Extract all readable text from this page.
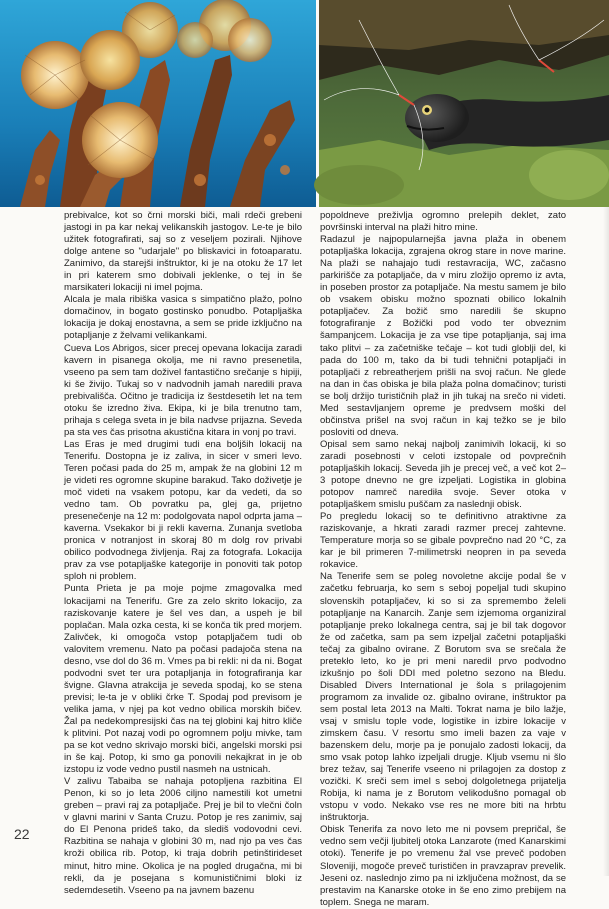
prebivalce, kot so črni morski biči, mali rdeči grebeni jastogi in pa kar nekaj velikanskih jastogov. Le-te je bilo užitek fotografirati, saj so z veseljem pozirali. Njihove dolge antene so "udarjale" po bliskavici in fotoaparatu. Zanimivo, da starejši inštruktor, ki je na otoku že 17 let in pri katerem smo dobivali jeklenke, o tej in še marsikateri lokaciji ni imel pojma.

Alcala je mala ribiška vasica s simpatično plažo, polno domačinov, in bogato gostinsko ponudbo. Potapljaška lokacija je dokaj enostavna, a sem se pride izključno na potapljanje z želvami velikankami.

Cueva Los Abrigos, sicer precej opevana lokacija zaradi kavern in pisanega okolja, me ni ravno presenetila, vseeno pa sem tam doživel fantastično srečanje s hipiji, ki še živijo. Tukaj so v nadvodnih jamah naredili prava prebivališča. Očitno je tradicija iz šestdesetih let na tem otoku še izredno živa. Ekipa, ki je bila trenutno tam, prihaja s celega sveta in je bila nadvse prijazna. Seveda pa sta ves čas prisotna akustična kitara in vonj po travi.

Las Eras je med drugimi tudi ena boljših lokacij na Tenerifu. Dostopna je iz zaliva, in sicer v smeri levo. Teren počasi pada do 25 m, ampak že na globini 12 m je videti res ogromne skupine barakud. Tako doživetje je moč videti na vsakem potopu, kar da vedeti, da so vedno tam. Ob povratku pa, glej ga, prijetno presenečenje na 12 m: podolgovata napol odprta jama – kaverna. Vsekakor bi ji rekli kaverna. Zunanja svetloba pronica v notranjost in skoraj 80 m dolg rov privabi obilico podvodnega življenja. Raj za fotografa. Lokacija prav za vse potapljaške kategorije in ponoviti tak potop sploh ni problem.

Punta Prieta je pa moje pojme zmagovalka med lokacijami na Tenerifu. Gre za zelo skrito lokacijo, za raziskovanje katere je šel ves dan, a uspeh je bil poplačan. Mala ozka cesta, ki se konča tik pred morjem. Zalivček, ki omogoča vstop potapljačem tudi ob valovitem vremenu. Nato pa počasi padajoča stena na desno, vse dol do 36 m. Vmes pa bi rekli: ni da ni. Bogat podvodni svet ter ura potapljanja in fotografiranja kar švigne. Glavna atrakcija je seveda spodaj, ko se stena previsi; le-ta je v obliki črke T. Spodaj pod previsom je velika jama, v njej pa kot vedno obilica morskih bičev. Žal pa nedekompresijski čas na tej globini kaj hitro kliče k plitvini. Pot nazaj vodi po ogromnem polju mivke, tam pa se kot vedno skrivajo morski biči, angelski morski psi in še kaj. Potop, ki smo ga ponovili nekajkrat in je ob izstopu iz vode vedno pustil nasmeh na ustnicah.

V zalivu Tabaiba se nahaja potopljena razbitina El Penon, ki so jo leta 2006 ciljno namestili kot umetni greben – pravi raj za potapljače. Prej je bil to vlečni čoln v glavni marini v Santa Cruzu. Potop je res zanimiv, saj do El Penona prideš tako, da slediš vodovodni cevi. Razbitina se nahaja v globini 30 m, nad njo pa ves čas kroži obilica rib. Potop, ki traja dobrih petinštirideset minut, hitro mine. Okolica je na pogled drugačna, mi bi rekli, da je posejana s komunističnimi bloki iz sedemdesetih. Vseeno pa na javnem bazenu

popoldneve preživlja ogromno prelepih deklet, zato površinski interval na plaži hitro mine.

Radazul je najpopularnejša javna plaža in obenem potapljaška lokacija, zgrajena okrog stare in nove marine. Na plaži se nahajajo tudi restavracija, WC, začasno parkirišče za potapljače, da v miru zložijo opremo iz avta, in poseben prostor za potapljače. Na mestu samem je bilo ob vsakem obisku možno spoznati obilico lokalnih potapljačev. Za božič smo naredili še skupno fotografiranje z Božički pod vodo ter obveznim šampanjcem. Lokacija je za vse tipe potapljanja, saj ima tako plitvi – za začetniške tečaje – kot tudi globlji del, ki pada do 100 m, tako da bi tudi tehnični potapljači in potapljači z rebreatherjem prišli na svoj račun. Ne glede na dan in čas obiska je bila plaža polna domačinov; turisti se bolj držijo turističnih plaž in jih tukaj na srečo ni videti. Med sestavljanjem opreme je predvsem moški del občinstva prišel na svoj račun in kaj težko se je bilo posloviti od dneva.

Opisal sem samo nekaj najbolj zanimivih lokacij, ki so zaradi posebnosti v celoti izstopale od povprečnih potapljaških lokacij. Seveda jih je precej več, a več kot 2–3 potope dnevno ne gre izpeljati. Logistika in globina potopov namreč narediła svoje. Sever otoka v potapljaškem smislu puščam za naslednji obisk.

Po pregledu lokacij so te definitivno atraktivne za raziskovanje, a hkrati zaradi razmer precej zahtevne. Temperature morja so se gibale povprečno nad 20 °C, za kar je bil primeren 7-milimetrski neopren in pa seveda rokavice.

Na Tenerife sem se poleg novoletne akcije podal še v začetku februarja, ko sem s seboj popeljal tudi skupino slovenskih potapljačev, ki so si za spremembo želeli potapljanje na Kanarcih. Zanje sem izjemoma organiziral potapljanje preko lokalnega centra, saj je bil tak dogovor že od začetka, sam pa sem izpeljal začetni potapljaški tečaj za gibalno ovirane. Z Borutom sva se srečala že pretekło leto, ko je pri meni naredil prvo podvodno izkušnjo po šoli DDI med poletno sezono na Bledu. Disabled Divers International je šola s prilagojenim programom za invalide oz. gibalno ovirane, inštruktor pa sem postal leta 2013 na Malti. Tokrat nama je bilo lažje, vsaj v smislu tople vode, logistike in izbire lokacije v zimskem času. V resortu smo imeli bazen za vaje v bazenskem delu, morje pa je ponujalo zadosti lokacij, da smo vsak potop lahko izpeljali drugje. Kljub vsemu ni šlo brez težav, saj Tenerife vseeno ni prilagojen za dostop z vozički. K sreči sem imel s seboj dolgoletnega prijatelja Robija, ki nama je z Borutom velikodušno pomagal ob vstopu v vodo. Nekako vse res ne more biti na hrbtu inštruktorja.

Obisk Tenerifa za novo leto me ni povsem prepričal, še vedno sem večji ljubitelj otoka Lanzarote (med Kanarskimi otoki). Tenerife je po vremenu žal vse preveč podoben Sloveniji, mogoče preveč turističen in pravzaprav prevelik. Jeseni oz. naslednjo zimo pa ni izključena možnost, da se prestavim na Kanarske otoke in še eno zimo prebijem na toplem. Snega ne maram.

22
